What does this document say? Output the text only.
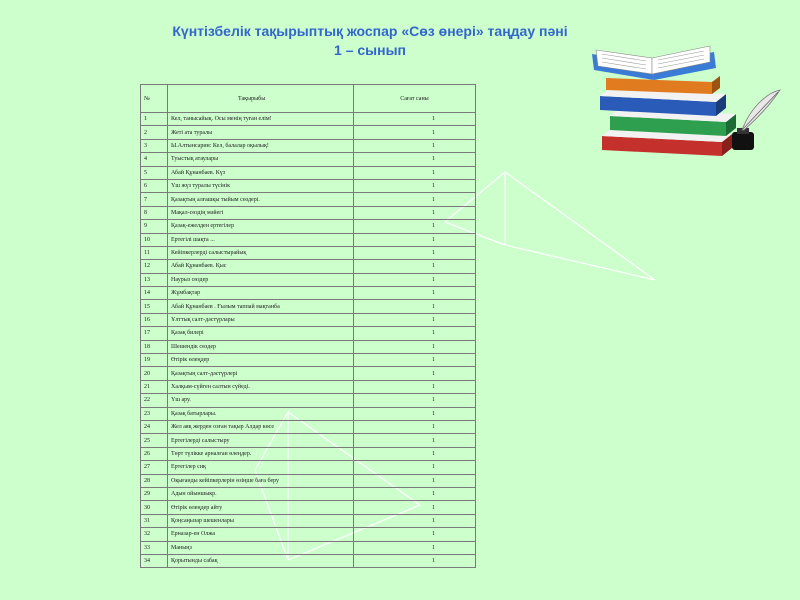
Күнтізбелік тақырыптық жоспар «Сөз өнері» таңдау пәні
1 – сынып
№	Тақырыбы	Сағат саны
1	Кел, танысайық. Осы менің туған елім!	1
2	Жеті ата туралы	1
3	Ы.Алтынсарин: Кел, балалар оқылық!	1
4	Туыстық атаулары	1
5	Абай Құнанбаев. Күз	1
6	Үш жүз туралы түсінік	1
7	Қазақтың алғашқы тыйым сөздері.	1
8	Мақал-сөздің мәйегі	1
9	Қазақ-ежелден ертегілер	1
10	Ертегілі шақта ...	1
11	Кейіпкерлерді салыстырайық	1
12	Абай Құнанбаев. Қыс	1
13	Наурыз сөздер	1
14	Жұмбақтар	1
15	Абай Құнанбаев . Ғылым таппай мақтанба	1
16	Ұлттық салт-дәстүрлары	1
17	Қазақ билері	1
18	Шешендік сөздер	1
19	Өтірік өлеңдер	1
20	Қазақтың салт-дәстүрлері	1
21	Халқым-сүйген салтын сүйеді.	1
22	Үш ару.	1
23	Қазақ батырлары.	1
24	Жел аяқ жерден озған тақыр Алдар көсе	1
25	Ертегілерді салыстыру	1
26	Төрт түлікке арналған өлеңдер.	1
27	Ертегілер сиқ	1
28	Оқығанды кейіпкерлерін өзіңше баға беру	1
29	Адын ойыншыкр.	1
30	Өтірік өлеңдер айту	1
31	Қоңсаңызар шешенлары	1
32	Ерназар-ен Олжа	1
33	Маныңз	1
34	Қорытынды сабақ	1
